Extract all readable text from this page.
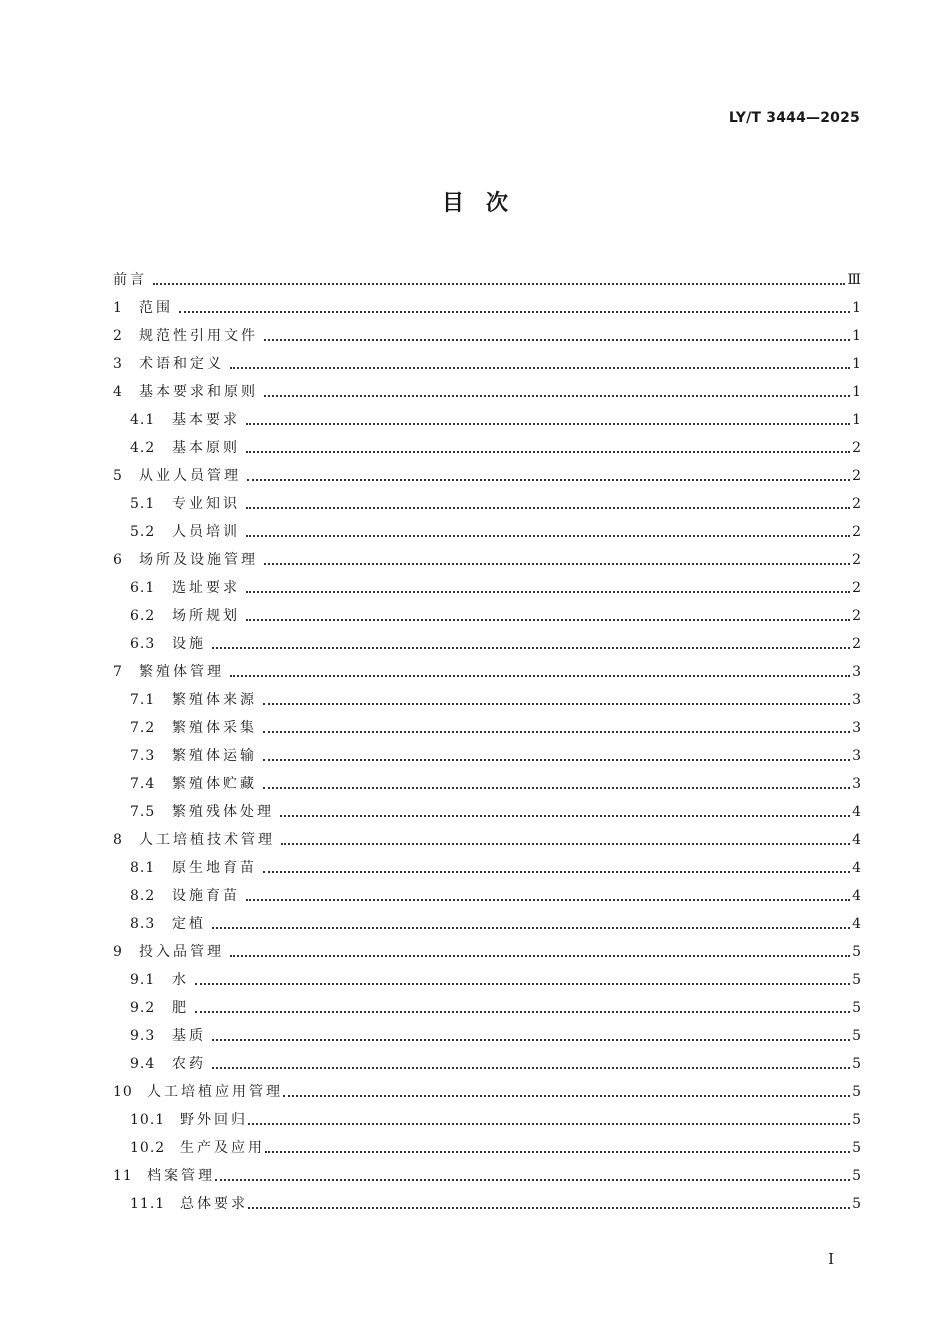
LY/T 3444—2025
目　次
前言	Ⅲ
1	范围	1
2	规范性引用文件	1
3	术语和定义	1
4	基本要求和原则	1
4.1	基本要求	1
4.2	基本原则	2
5	从业人员管理	2
5.1	专业知识	2
5.2	人员培训	2
6	场所及设施管理	2
6.1	选址要求	2
6.2	场所规划	2
6.3	设施	2
7	繁殖体管理	3
7.1	繁殖体来源	3
7.2	繁殖体采集	3
7.3	繁殖体运输	3
7.4	繁殖体贮藏	3
7.5	繁殖残体处理	4
8	人工培植技术管理	4
8.1	原生地育苗	4
8.2	设施育苗	4
8.3	定植	4
9	投入品管理	5
9.1	水	5
9.2	肥	5
9.3	基质	5
9.4	农药	5
10	人工培植应用管理	5
10.1	野外回归	5
10.2	生产及应用	5
11	档案管理	5
11.1	总体要求	5
Ⅰ
